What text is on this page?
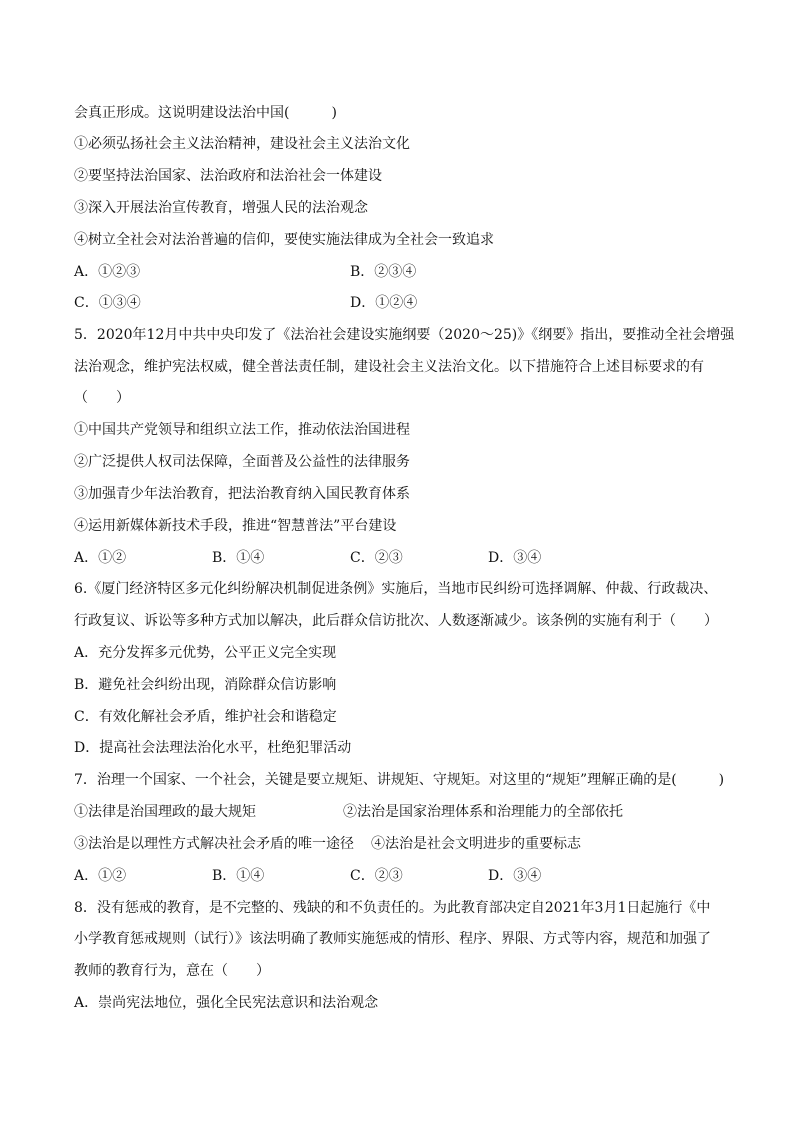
会真正形成。这说明建设法治中国(　　　)
①必须弘扬社会主义法治精神，建设社会主义法治文化
②要坚持法治国家、法治政府和法治社会一体建设
③深入开展法治宣传教育，增强人民的法治观念
④树立全社会对法治普遍的信仰，要使实施法律成为全社会一致追求
A．①②③	B．②③④
C．①③④	D．①②④
5．2020年12月中共中央印发了《法治社会建设实施纲要（2020～25)》《纲要》指出，要推动全社会增强
法治观念，维护宪法权威，健全普法责任制，建设社会主义法治文化。以下措施符合上述目标要求的有
（　　）
①中国共产党领导和组织立法工作，推动依法治国进程
②广泛提供人权司法保障，全面普及公益性的法律服务
③加强青少年法治教育，把法治教育纳入国民教育体系
④运用新媒体新技术手段，推进“智慧普法”平台建设
A．①②	B．①④	C．②③	D．③④
6.《厦门经济特区多元化纠纷解决机制促进条例》实施后，当地市民纠纷可选择调解、仲裁、行政裁决、
行政复议、诉讼等多种方式加以解决，此后群众信访批次、人数逐渐减少。该条例的实施有利于（　　）
A．充分发挥多元优势，公平正义完全实现
B．避免社会纠纷出现，消除群众信访影响
C．有效化解社会矛盾，维护社会和谐稳定
D．提高社会法理法治化水平，杜绝犯罪活动
7．治理一个国家、一个社会，关键是要立规矩、讲规矩、守规矩。对这里的“规矩”理解正确的是(　　　)
①法律是治国理政的最大规矩	②法治是国家治理体系和治理能力的全部依托
③法治是以理性方式解决社会矛盾的唯一途径 ④法治是社会文明进步的重要标志
A．①②	B．①④	C．②③	D．③④
8．没有惩戒的教育，是不完整的、残缺的和不负责任的。为此教育部决定自2021年3月1日起施行《中
小学教育惩戒规则（试行）》该法明确了教师实施惩戒的情形、程序、界限、方式等内容，规范和加强了
教师的教育行为，意在（　　）
A．崇尚宪法地位，强化全民宪法意识和法治观念
